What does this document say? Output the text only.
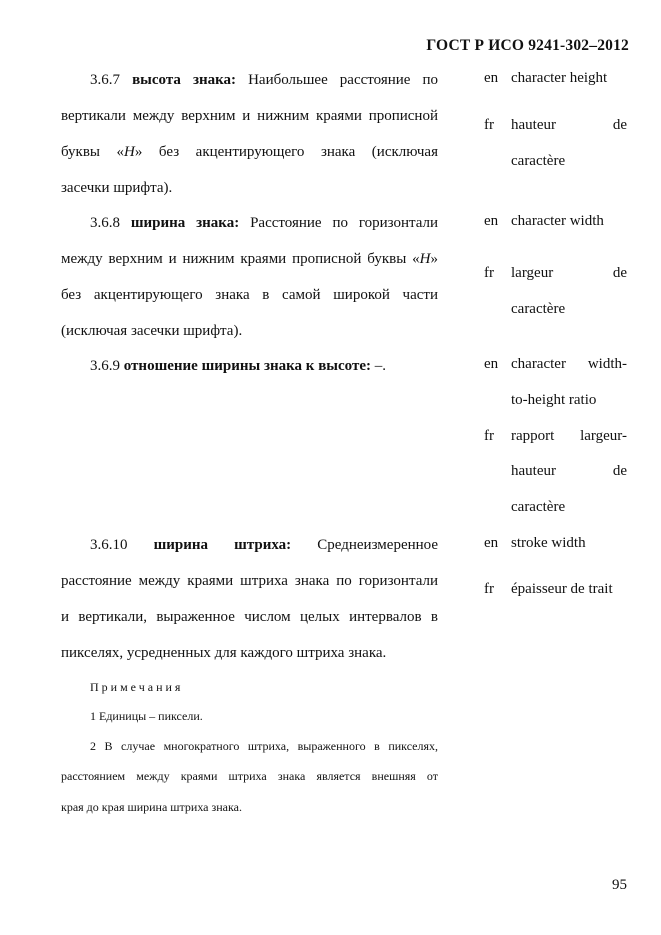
ГОСТ Р ИСО 9241-302–2012
3.6.7 высота знака: Наибольшее расстояние по
вертикали между верхним и нижним краями прописной
буквы «H» без акцентирующего знака (исключая
засечки шрифта).
en character height
fr hauteur de
caractère
3.6.8 ширина знака: Расстояние по горизонтали
между верхним и нижним краями прописной буквы «H»
без акцентирующего знака в самой широкой части
(исключая засечки шрифта).
en character width
fr largeur de
caractère
3.6.9 отношение ширины знака к высоте: –.	en character width-
to-height ratio
fr rapport largeur-
hauteur de
caractère
3.6.10 ширина штриха: Среднеизмеренное
расстояние между краями штриха знака по горизонтали
и вертикали, выраженное числом целых интервалов в
пикселях, усредненных для каждого штриха знака.
en stroke width
fr épaisseur de trait
Примечания
1 Единицы – пиксели.
2 В случае многократного штриха, выраженного в пикселях,
расстоянием между краями штриха знака является внешняя от
края до края ширина штриха знака.
95
